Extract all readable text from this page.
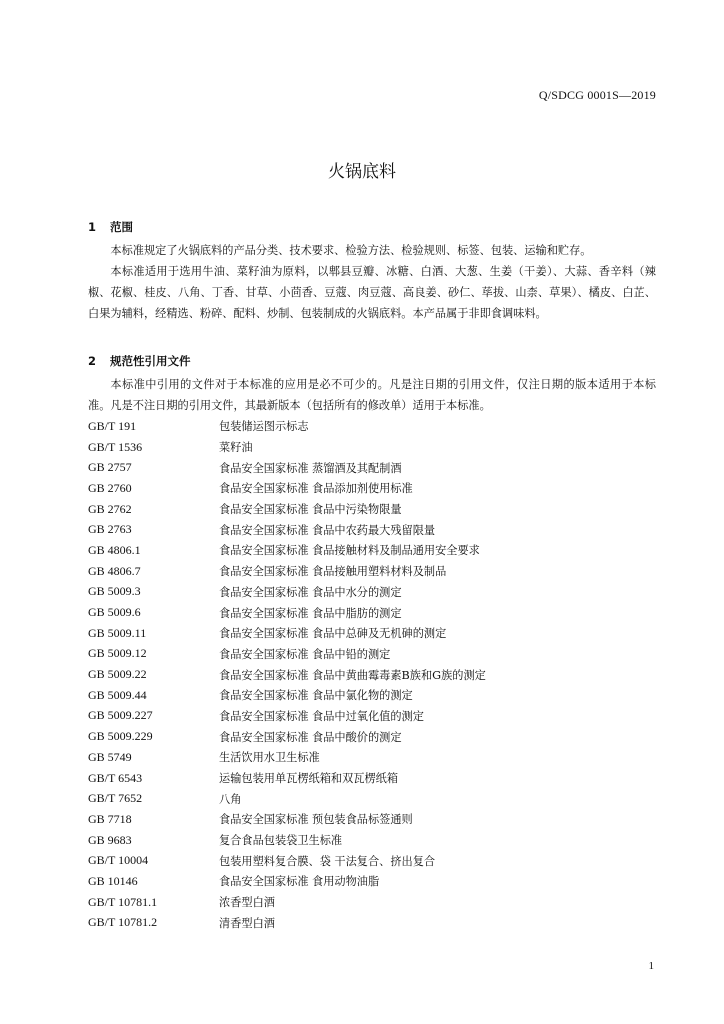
Q/SDCG 0001S—2019
火锅底料
1 范围

本标准规定了火锅底料的产品分类、技术要求、检验方法、检验规则、标签、包装、运输和贮存。

本标准适用于选用牛油、菜籽油为原料，以郫县豆瓣、冰糖、白酒、大葱、生姜（干姜）、大蒜、香辛料（辣椒、花椒、桂皮、八角、丁香、甘草、小茴香、豆蔻、肉豆蔻、高良姜、砂仁、荜拔、山柰、草果）、橘皮、白芷、白果为辅料，经精选、粉碎、配料、炒制、包装制成的火锅底料。本产品属于非即食调味料。

2 规范性引用文件

本标准中引用的文件对于本标准的应用是必不可少的。凡是注日期的引用文件，仅注日期的版本适用于本标准。凡是不注日期的引用文件，其最新版本（包括所有的修改单）适用于本标准。

GB/T 191	包装储运图示标志
GB/T 1536	菜籽油
GB 2757	食品安全国家标准 蒸馏酒及其配制酒
GB 2760	食品安全国家标准 食品添加剂使用标准
GB 2762	食品安全国家标准 食品中污染物限量
GB 2763	食品安全国家标准 食品中农药最大残留限量
GB 4806.1	食品安全国家标准 食品接触材料及制品通用安全要求
GB 4806.7	食品安全国家标准 食品接触用塑料材料及制品
GB 5009.3	食品安全国家标准 食品中水分的测定
GB 5009.6	食品安全国家标准 食品中脂肪的测定
GB 5009.11	食品安全国家标准 食品中总砷及无机砷的测定
GB 5009.12	食品安全国家标准 食品中铅的测定
GB 5009.22	食品安全国家标准 食品中黄曲霉毒素B族和G族的测定
GB 5009.44	食品安全国家标准 食品中氯化物的测定
GB 5009.227	食品安全国家标准 食品中过氧化值的测定
GB 5009.229	食品安全国家标准 食品中酸价的测定
GB 5749	生活饮用水卫生标准
GB/T 6543	运输包装用单瓦楞纸箱和双瓦楞纸箱
GB/T 7652	八角
GB 7718	食品安全国家标准 预包装食品标签通则
GB 9683	复合食品包装袋卫生标准
GB/T 10004	包装用塑料复合膜、袋 干法复合、挤出复合
GB 10146	食品安全国家标准 食用动物油脂
GB/T 10781.1	浓香型白酒
GB/T 10781.2	清香型白酒
1
